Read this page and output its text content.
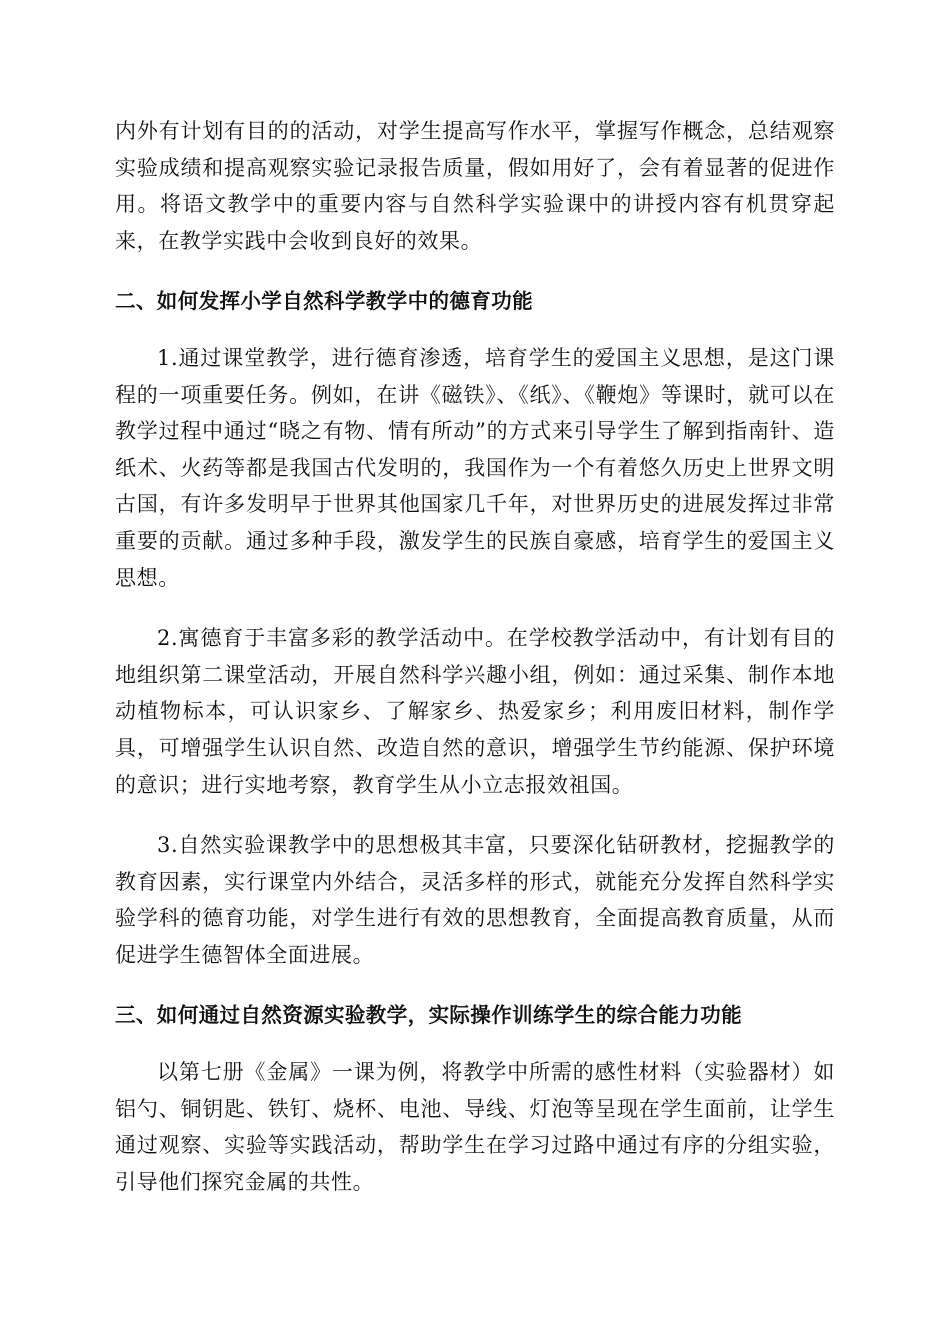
内外有计划有目的的活动，对学生提高写作水平，掌握写作概念，总结观察实验成绩和提高观察实验记录报告质量，假如用好了，会有着显著的促进作用。将语文教学中的重要内容与自然科学实验课中的讲授内容有机贯穿起来，在教学实践中会收到良好的效果。

二、如何发挥小学自然科学教学中的德育功能

1.通过课堂教学，进行德育渗透，培育学生的爱国主义思想，是这门课程的一项重要任务。例如，在讲《磁铁》、《纸》、《鞭炮》等课时，就可以在教学过程中通过“晓之有物、情有所动”的方式来引导学生了解到指南针、造纸术、火药等都是我国古代发明的，我国作为一个有着悠久历史上世界文明古国，有许多发明早于世界其他国家几千年，对世界历史的进展发挥过非常重要的贡献。通过多种手段，激发学生的民族自豪感，培育学生的爱国主义思想。

2.寓德育于丰富多彩的教学活动中。在学校教学活动中，有计划有目的地组织第二课堂活动，开展自然科学兴趣小组，例如：通过采集、制作本地动植物标本，可认识家乡、了解家乡、热爱家乡；利用废旧材料，制作学具，可增强学生认识自然、改造自然的意识，增强学生节约能源、保护环境的意识；进行实地考察，教育学生从小立志报效祖国。

3.自然实验课教学中的思想极其丰富，只要深化钻研教材，挖掘教学的教育因素，实行课堂内外结合，灵活多样的形式，就能充分发挥自然科学实验学科的德育功能，对学生进行有效的思想教育，全面提高教育质量，从而促进学生德智体全面进展。

三、如何通过自然资源实验教学，实际操作训练学生的综合能力功能

以第七册《金属》一课为例，将教学中所需的感性材料（实验器材）如铝勺、铜钥匙、铁钉、烧杯、电池、导线、灯泡等呈现在学生面前，让学生通过观察、实验等实践活动，帮助学生在学习过路中通过有序的分组实验，引导他们探究金属的共性。
